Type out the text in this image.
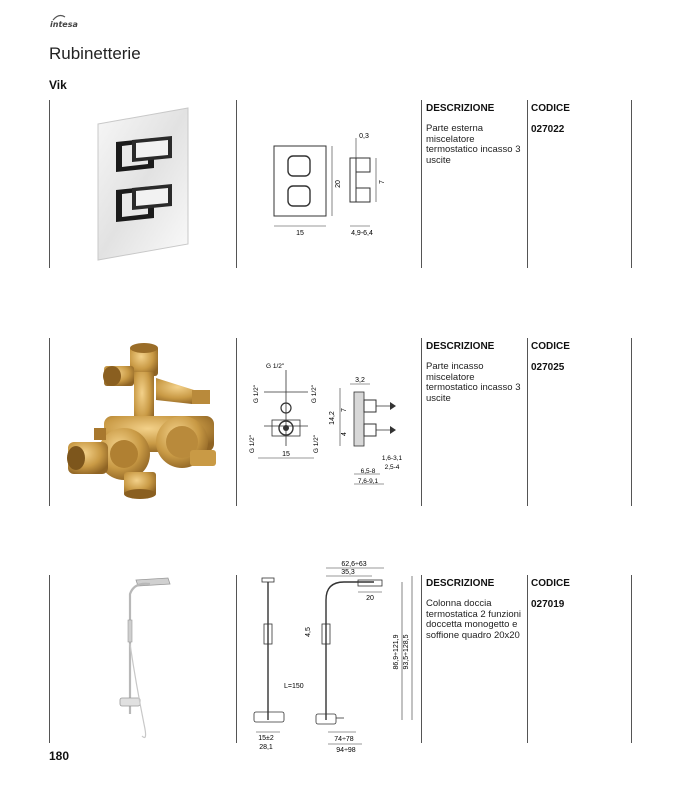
intesa
Rubinetterie
Vik
15
20
0,3
7
4,9-6,4
DESCRIZIONE	CODICE
Parte esterna miscelatore termostatico incasso 3 uscite
027022
G 1/2"
G 1/2"	G 1/2"
G 1/2"	G 1/2"
15
3,2
14,2
7
4
1,6-3,1
2,5-4
6,5-8
7,6-9,1
DESCRIZIONE	CODICE
Parte incasso miscelatore termostatico incasso 3 uscite
027025
L=150
15±2
28,1
62,6÷63
35,3
20
4,5
86,9÷121,9 93,5÷128,5
74÷78
94÷98
DESCRIZIONE	CODICE
Colonna doccia termostatica 2 funzioni doccetta monogetto e soffione quadro 20x20
027019
180
